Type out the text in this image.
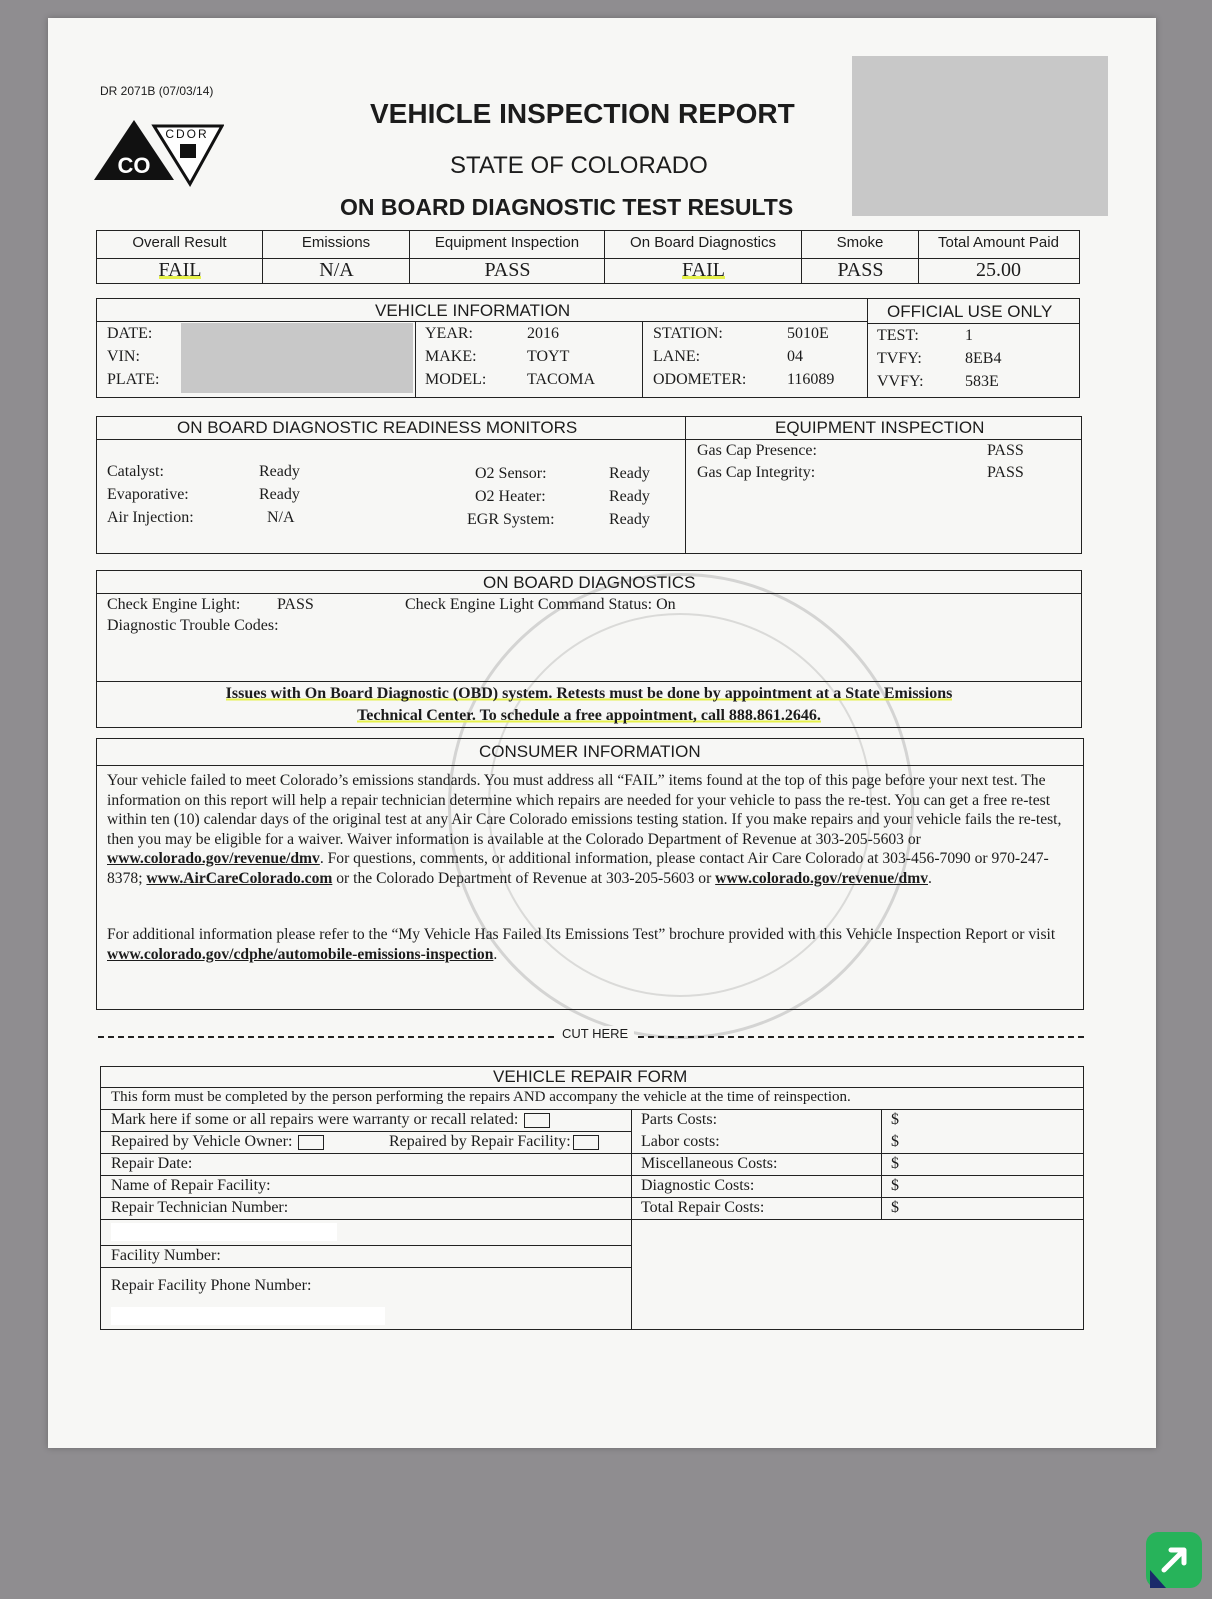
DR 2071B (07/03/14)
CO
CDOR
VEHICLE INSPECTION REPORT
STATE OF COLORADO
ON BOARD DIAGNOSTIC TEST RESULTS
Overall Result	Emissions	Equipment Inspection	On Board Diagnostics	Smoke	Total Amount Paid
FAIL	N/A	PASS	FAIL	PASS	25.00
VEHICLE INFORMATION	OFFICIAL USE ONLY
DATE:
VIN:
PLATE:
YEAR:	2016
MAKE:	TOYT
MODEL:	TACOMA
STATION:	5010E
LANE:	04
ODOMETER:	116089
TEST:	1
TVFY:	8EB4
VVFY:	583E
ON BOARD DIAGNOSTIC READINESS MONITORS	EQUIPMENT INSPECTION
Catalyst:	Ready
Evaporative:	Ready
Air Injection:	N/A
O2 Sensor:	Ready
O2 Heater:	Ready
EGR System:	Ready
Gas Cap Presence:	PASS
Gas Cap Integrity:	PASS
ON BOARD DIAGNOSTICS
Check Engine Light: PASS	Check Engine Light Command Status: On
Diagnostic Trouble Codes:
Issues with On Board Diagnostic (OBD) system. Retests must be done by appointment at a State Emissions
Technical Center. To schedule a free appointment, call 888.861.2646.
CONSUMER INFORMATION
Your vehicle failed to meet Colorado’s emissions standards. You must address all “FAIL” items found at the top of this page before your next test. The information on this report will help a repair technician determine which repairs are needed for your vehicle to pass the re-test. You can get a free re-test within ten (10) calendar days of the original test at any Air Care Colorado emissions testing station. If you make repairs and your vehicle fails the re-test, then you may be eligible for a waiver. Waiver information is available at the Colorado Department of Revenue at 303-205-5603 or www.colorado.gov/revenue/dmv. For questions, comments, or additional information, please contact Air Care Colorado at 303-456-7090 or 970-247-8378; www.AirCareColorado.com or the Colorado Department of Revenue at 303-205-5603 or www.colorado.gov/revenue/dmv.
For additional information please refer to the “My Vehicle Has Failed Its Emissions Test” brochure provided with this Vehicle Inspection Report or visit www.colorado.gov/cdphe/automobile-emissions-inspection.
CUT HERE
VEHICLE REPAIR FORM
This form must be completed by the person performing the repairs AND accompany the vehicle at the time of reinspection.
Mark here if some or all repairs were warranty or recall related:
Repaired by Vehicle Owner:	Repaired by Repair Facility:
Repair Date:
Name of Repair Facility:
Repair Technician Number:
Facility Number:
Repair Facility Phone Number:
Parts Costs:	$
Labor costs:	$
Miscellaneous Costs:	$
Diagnostic Costs:	$
Total Repair Costs:	$
